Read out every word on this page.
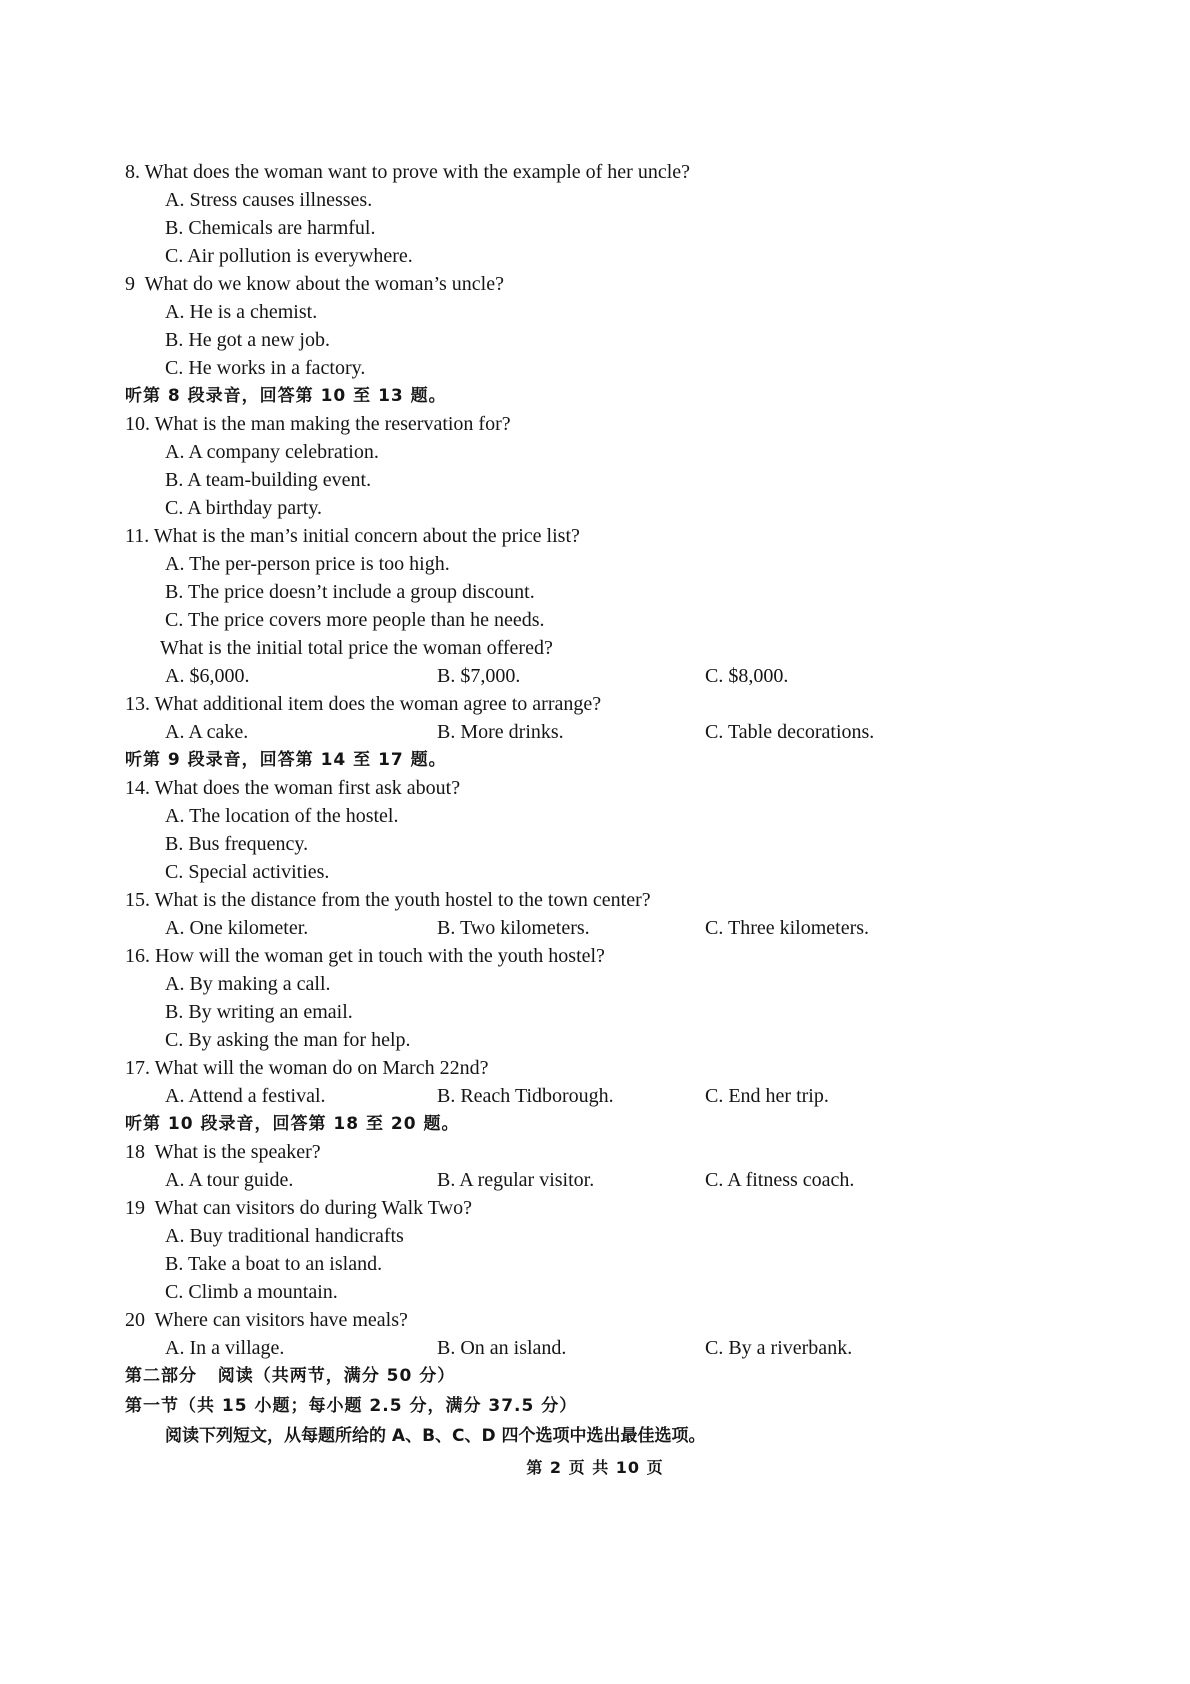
8. What does the woman want to prove with the example of her uncle?
A. Stress causes illnesses.
B. Chemicals are harmful.
C. Air pollution is everywhere.
9  What do we know about the woman’s uncle?
A. He is a chemist.
B. He got a new job.
C. He works in a factory.
听第 8 段录音，回答第 10 至 13 题。
10. What is the man making the reservation for?
A. A company celebration.
B. A team-building event.
C. A birthday party.
11. What is the man’s initial concern about the price list?
A. The per-person price is too high.
B. The price doesn’t include a group discount.
C. The price covers more people than he needs.
What is the initial total price the woman offered?
A. $6,000.	B. $7,000.	C. $8,000.
13. What additional item does the woman agree to arrange?
A. A cake.	B. More drinks.	C. Table decorations.
听第 9 段录音，回答第 14 至 17 题。
14. What does the woman first ask about?
A. The location of the hostel.
B. Bus frequency.
C. Special activities.
15. What is the distance from the youth hostel to the town center?
A. One kilometer.	B. Two kilometers.	C. Three kilometers.
16. How will the woman get in touch with the youth hostel?
A. By making a call.
B. By writing an email.
C. By asking the man for help.
17. What will the woman do on March 22nd?
A. Attend a festival.	B. Reach Tidborough.	C. End her trip.
听第 10 段录音，回答第 18 至 20 题。
18  What is the speaker?
A. A tour guide.	B. A regular visitor.	C. A fitness coach.
19  What can visitors do during Walk Two?
A. Buy traditional handicrafts
B. Take a boat to an island.
C. Climb a mountain.
20  Where can visitors have meals?
A. In a village.	B. On an island.	C. By a riverbank.
第二部分   阅读（共两节，满分 50 分）
第一节（共 15 小题；每小题 2.5 分，满分 37.5 分）
阅读下列短文，从每题所给的 A、B、C、D 四个选项中选出最佳选项。
第 2 页 共 10 页
